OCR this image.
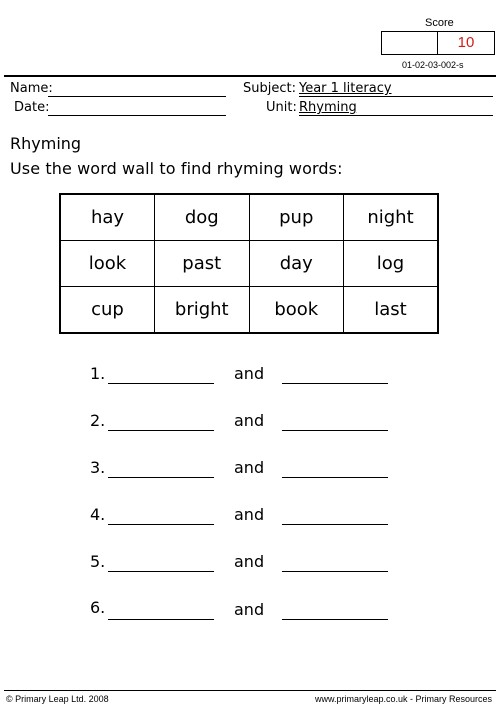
Score
10
01-02-03-002-s
Name:
Date:
Subject: Year 1 literacy
Unit: Rhyming
Rhyming
Use the word wall to find rhyming words:
hay	dog	pup	night
look	past	day	log
cup	bright	book	last
1.	and
2.	and
3.	and
4.	and
5.	and
6.	and
© Primary Leap Ltd. 2008	www.primaryleap.co.uk - Primary Resources
